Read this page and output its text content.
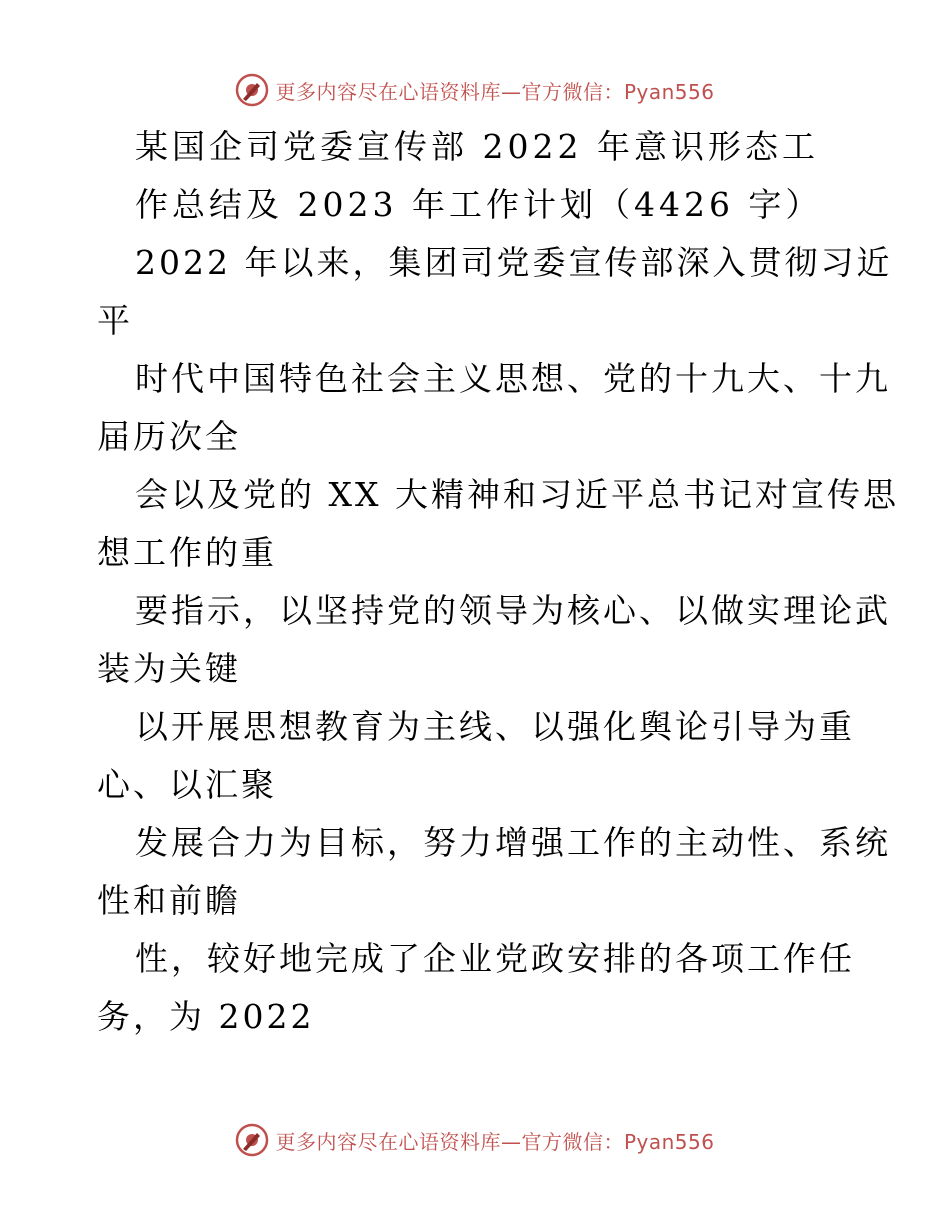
更多内容尽在心语资料库—官方微信：Pyan556
某国企司党委宣传部 2022 年意识形态工
作总结及 2023 年工作计划（4426 字）
2022 年以来，集团司党委宣传部深入贯彻习近
平
时代中国特色社会主义思想、党的十九大、十九
届历次全
会以及党的 XX 大精神和习近平总书记对宣传思
想工作的重
要指示，以坚持党的领导为核心、以做实理论武
装为关键
以开展思想教育为主线、以强化舆论引导为重
心、以汇聚
发展合力为目标，努力增强工作的主动性、系统
性和前瞻
性，较好地完成了企业党政安排的各项工作任
务，为 2022
更多内容尽在心语资料库—官方微信：Pyan556
